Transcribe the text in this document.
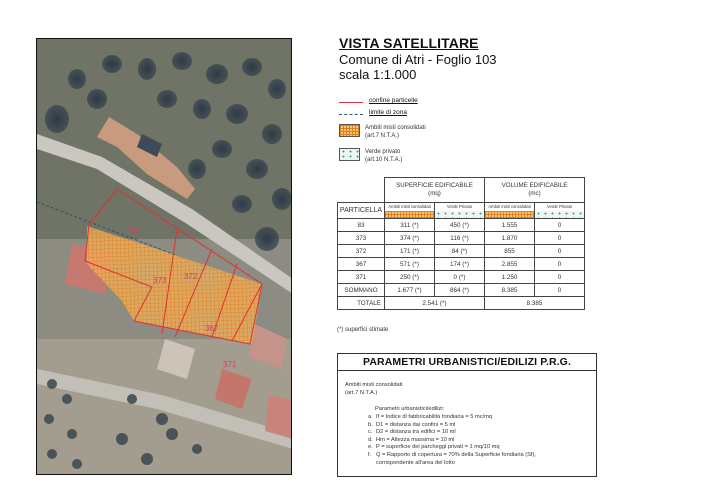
83
373 372
367
371
VISTA SATELLITARE
Comune di Atri - Foglio 103
scala 1:1.000
confine particelle
limite di zona
Ambiti misti consolidati
(art.7 N.T.A.)
Verde privato
(art.10 N.T.A.)

SUPERFICIE EDIFICABILE
(mq)

VOLUME EDIFICABILE
(mc)

PARTICELLA	Ambiti misti consolidati	Verde Privato	Ambiti misti consolidati	Verde Privato

83	311 (*)	450 (*)	1.555	0
373	374 (*)	116 (*)	1.870	0
372	171 (*)	84 (*)	855	0
367	571 (*)	174 (*)	2.855	0
371	250 (*)	0 (*)	1.250	0
SOMMANO	1.677 (*)	864 (*)	8.385	0
TOTALE	2.541 (*)		8.385	
(*) superfici stimate
PARAMETRI URBANISTICI/EDILIZI P.R.G.
Ambiti misti consolidati
(art.7 N.T.A.)
Parametri urbanistici/edilizi:
a. If = Indice di fabbricabilità fondiaria = 5 mc/mq
b. D1 = distanza dai confini = 5 ml
c. D2 = distanza tra edifici = 10 ml
d. Hm = Altezza massima = 10 ml
e. P = superficie dei parcheggi privati = 1 mq/10 mq
f. Q = Rapporto di copertura = 70% della Superficie fondiaria (Sf),
corrispondente all'area del lotto
